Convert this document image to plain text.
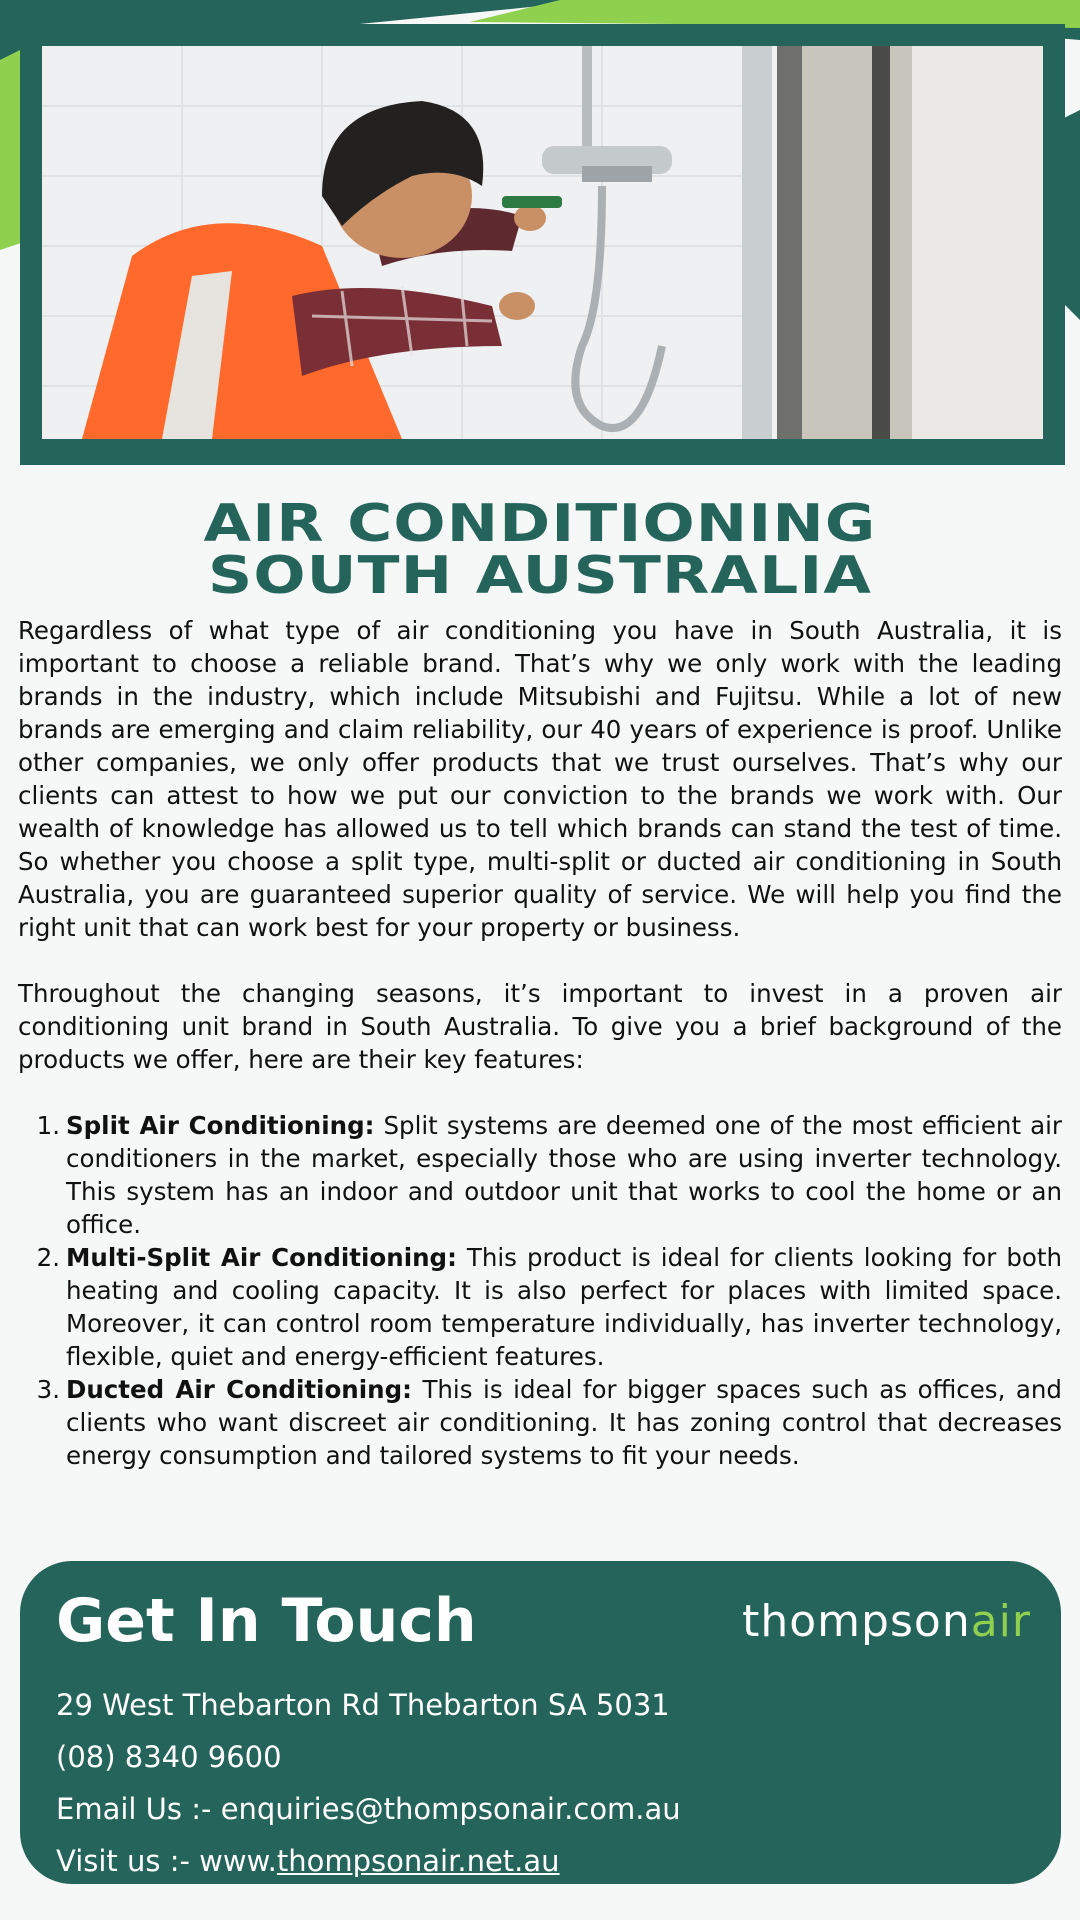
AIR CONDITIONING
SOUTH AUSTRALIA

Regardless of what type of air conditioning you have in South Australia, it is important to choose a reliable brand. That’s why we only work with the leading brands in the industry, which include Mitsubishi and Fujitsu. While a lot of new brands are emerging and claim reliability, our 40 years of experience is proof. Unlike other companies, we only offer products that we trust ourselves. That’s why our clients can attest to how we put our conviction to the brands we work with. Our wealth of knowledge has allowed us to tell which brands can stand the test of time. So whether you choose a split type, multi-split or ducted air conditioning in South Australia, you are guaranteed superior quality of service. We will help you find the right unit that can work best for your property or business.

Throughout the changing seasons, it’s important to invest in a proven air conditioning unit brand in South Australia. To give you a brief background of the products we offer, here are their key features:

1. Split Air Conditioning: Split systems are deemed one of the most efficient air conditioners in the market, especially those who are using inverter technology. This system has an indoor and outdoor unit that works to cool the home or an office.
2. Multi-Split Air Conditioning: This product is ideal for clients looking for both heating and cooling capacity. It is also perfect for places with limited space. Moreover, it can control room temperature individually, has inverter technology, flexible, quiet and energy-efficient features.
3. Ducted Air Conditioning: This is ideal for bigger spaces such as offices, and clients who want discreet air conditioning. It has zoning control that decreases energy consumption and tailored systems to fit your needs.
Get In Touch	thompsonair
29 West Thebarton Rd Thebarton SA 5031
(08) 8340 9600
Email Us :- enquiries@thompsonair.com.au
Visit us :- www.thompsonair.net.au
